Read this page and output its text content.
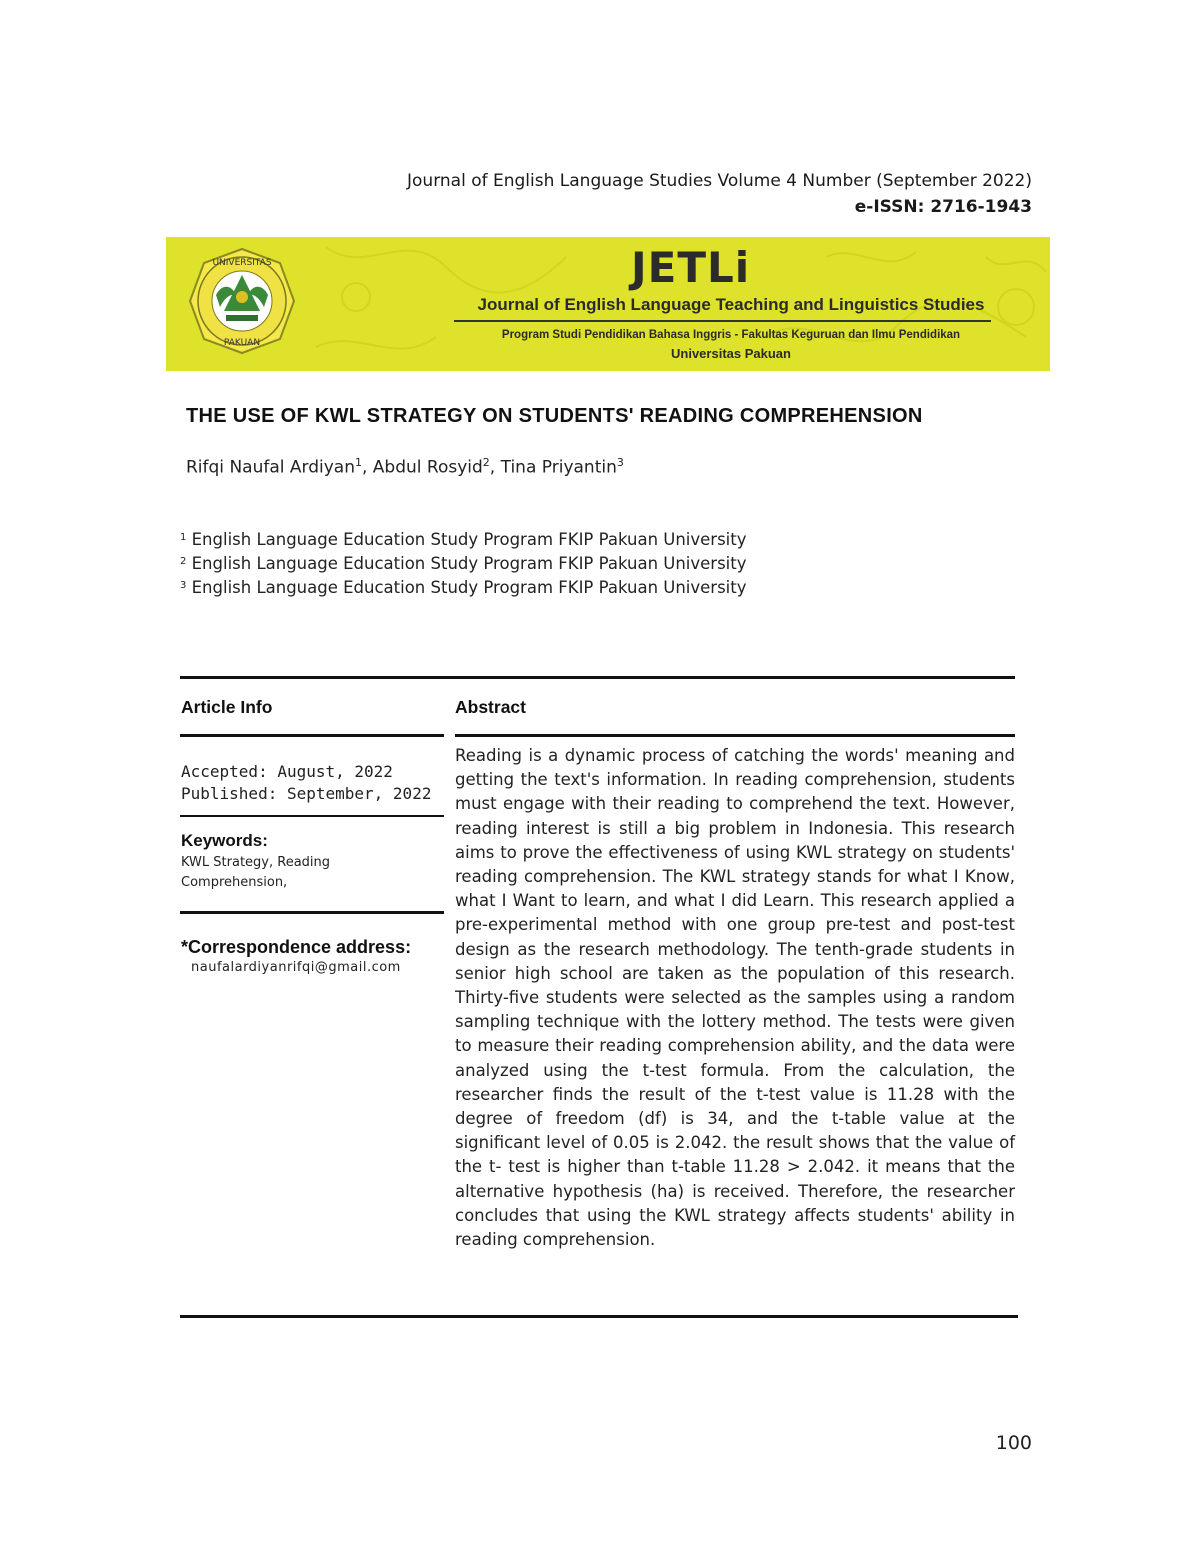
Journal of English Language Studies Volume 4 Number (September 2022)
e-ISSN: 2716-1943
UNIVERSITAS
PAKUAN
JETLi
Journal of English Language Teaching and Linguistics Studies
Program Studi Pendidikan Bahasa Inggris - Fakultas Keguruan dan Ilmu Pendidikan
Universitas Pakuan
THE USE OF KWL STRATEGY ON STUDENTS' READING COMPREHENSION
Rifqi Naufal Ardiyan$^1$, Abdul Rosyid$^2$, Tina Priyantin$^3$
$^1$ English Language Education Study Program FKIP Pakuan University
$^2$ English Language Education Study Program FKIP Pakuan University
$^3$ English Language Education Study Program FKIP Pakuan University
Article Info	Abstract
Accepted: August, 2022
Published: September, 2022
Keywords:
KWL Strategy, Reading Comprehension,
*Correspondence address:
naufalardiyanrifqi@gmail.com

Reading is a dynamic process of catching the words' meaning and getting the text's information. In reading comprehension, students must engage with their reading to comprehend the text. However, reading interest is still a big problem in Indonesia. This research aims to prove the effectiveness of using KWL strategy on students' reading comprehension. The KWL strategy stands for what I Know, what I Want to learn, and what I did Learn. This research applied a pre-experimental method with one group pre-test and post-test design as the research methodology. The tenth-grade students in senior high school are taken as the population of this research. Thirty-five students were selected as the samples using a random sampling technique with the lottery method. The tests were given to measure their reading comprehension ability, and the data were analyzed using the t-test formula. From the calculation, the researcher finds the result of the t-test value is 11.28 with the degree of freedom (df) is 34, and the t-table value at the significant level of 0.05 is 2.042. the result shows that the value of the t- test is higher than t-table 11.28 > 2.042. it means that the alternative hypothesis (ha) is received. Therefore, the researcher concludes that using the KWL strategy affects students' ability in reading comprehension.

100
